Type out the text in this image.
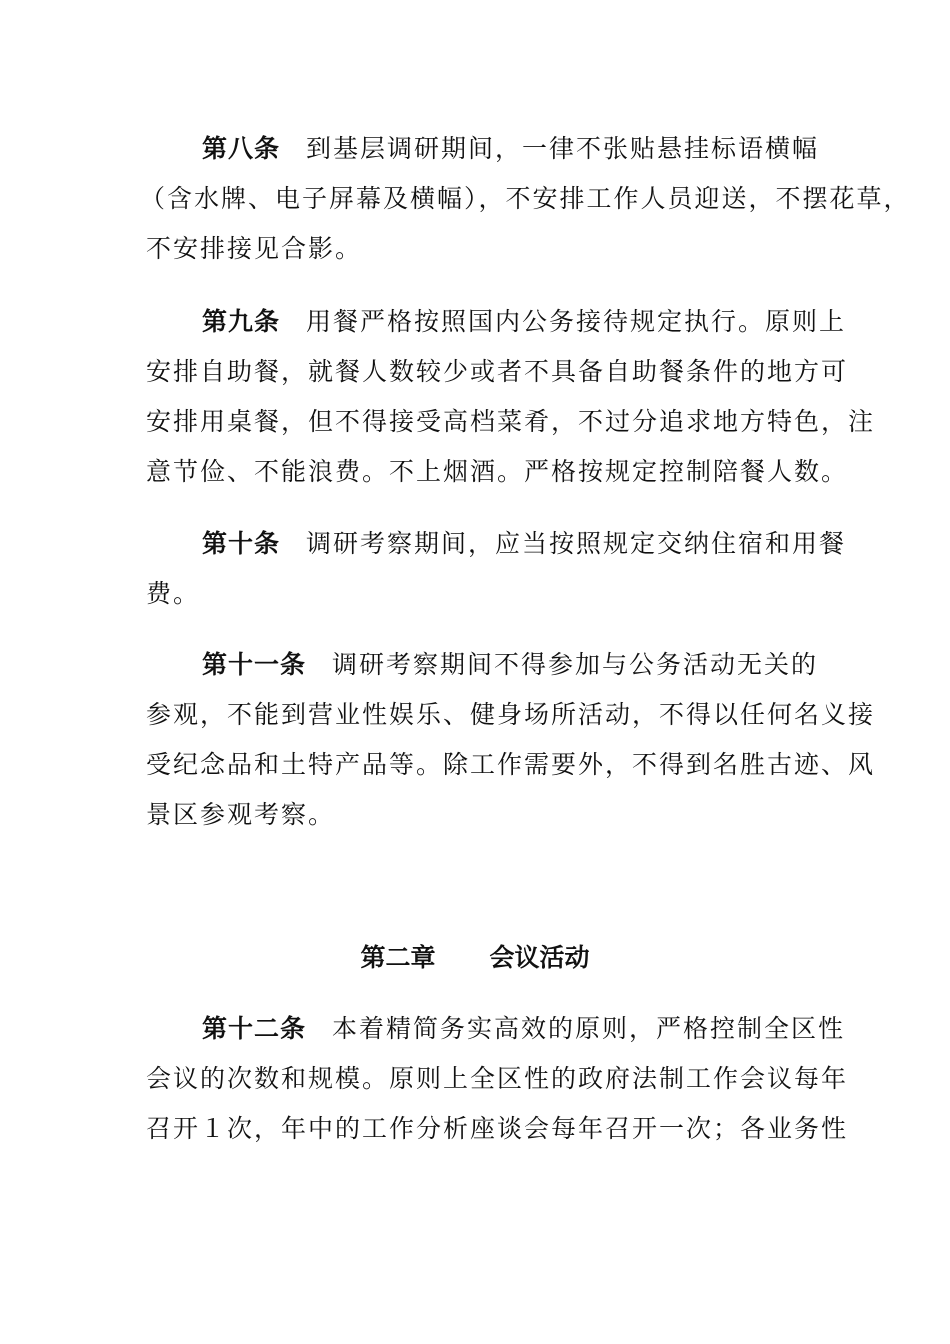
第八条 到基层调研期间，一律不张贴悬挂标语横幅
（含水牌、电子屏幕及横幅），不安排工作人员迎送，不摆花草，
不安排接见合影。
第九条 用餐严格按照国内公务接待规定执行。原则上
安排自助餐，就餐人数较少或者不具备自助餐条件的地方可
安排用桌餐，但不得接受高档菜肴，不过分追求地方特色，注
意节俭、不能浪费。不上烟酒。严格按规定控制陪餐人数。
第十条 调研考察期间，应当按照规定交纳住宿和用餐
费。
第十一条 调研考察期间不得参加与公务活动无关的
参观，不能到营业性娱乐、健身场所活动，不得以任何名义接
受纪念品和土特产品等。除工作需要外，不得到名胜古迹、风
景区参观考察。
第二章 会议活动
第十二条 本着精简务实高效的原则，严格控制全区性
会议的次数和规模。原则上全区性的政府法制工作会议每年
召开１次，年中的工作分析座谈会每年召开一次；各业务性
